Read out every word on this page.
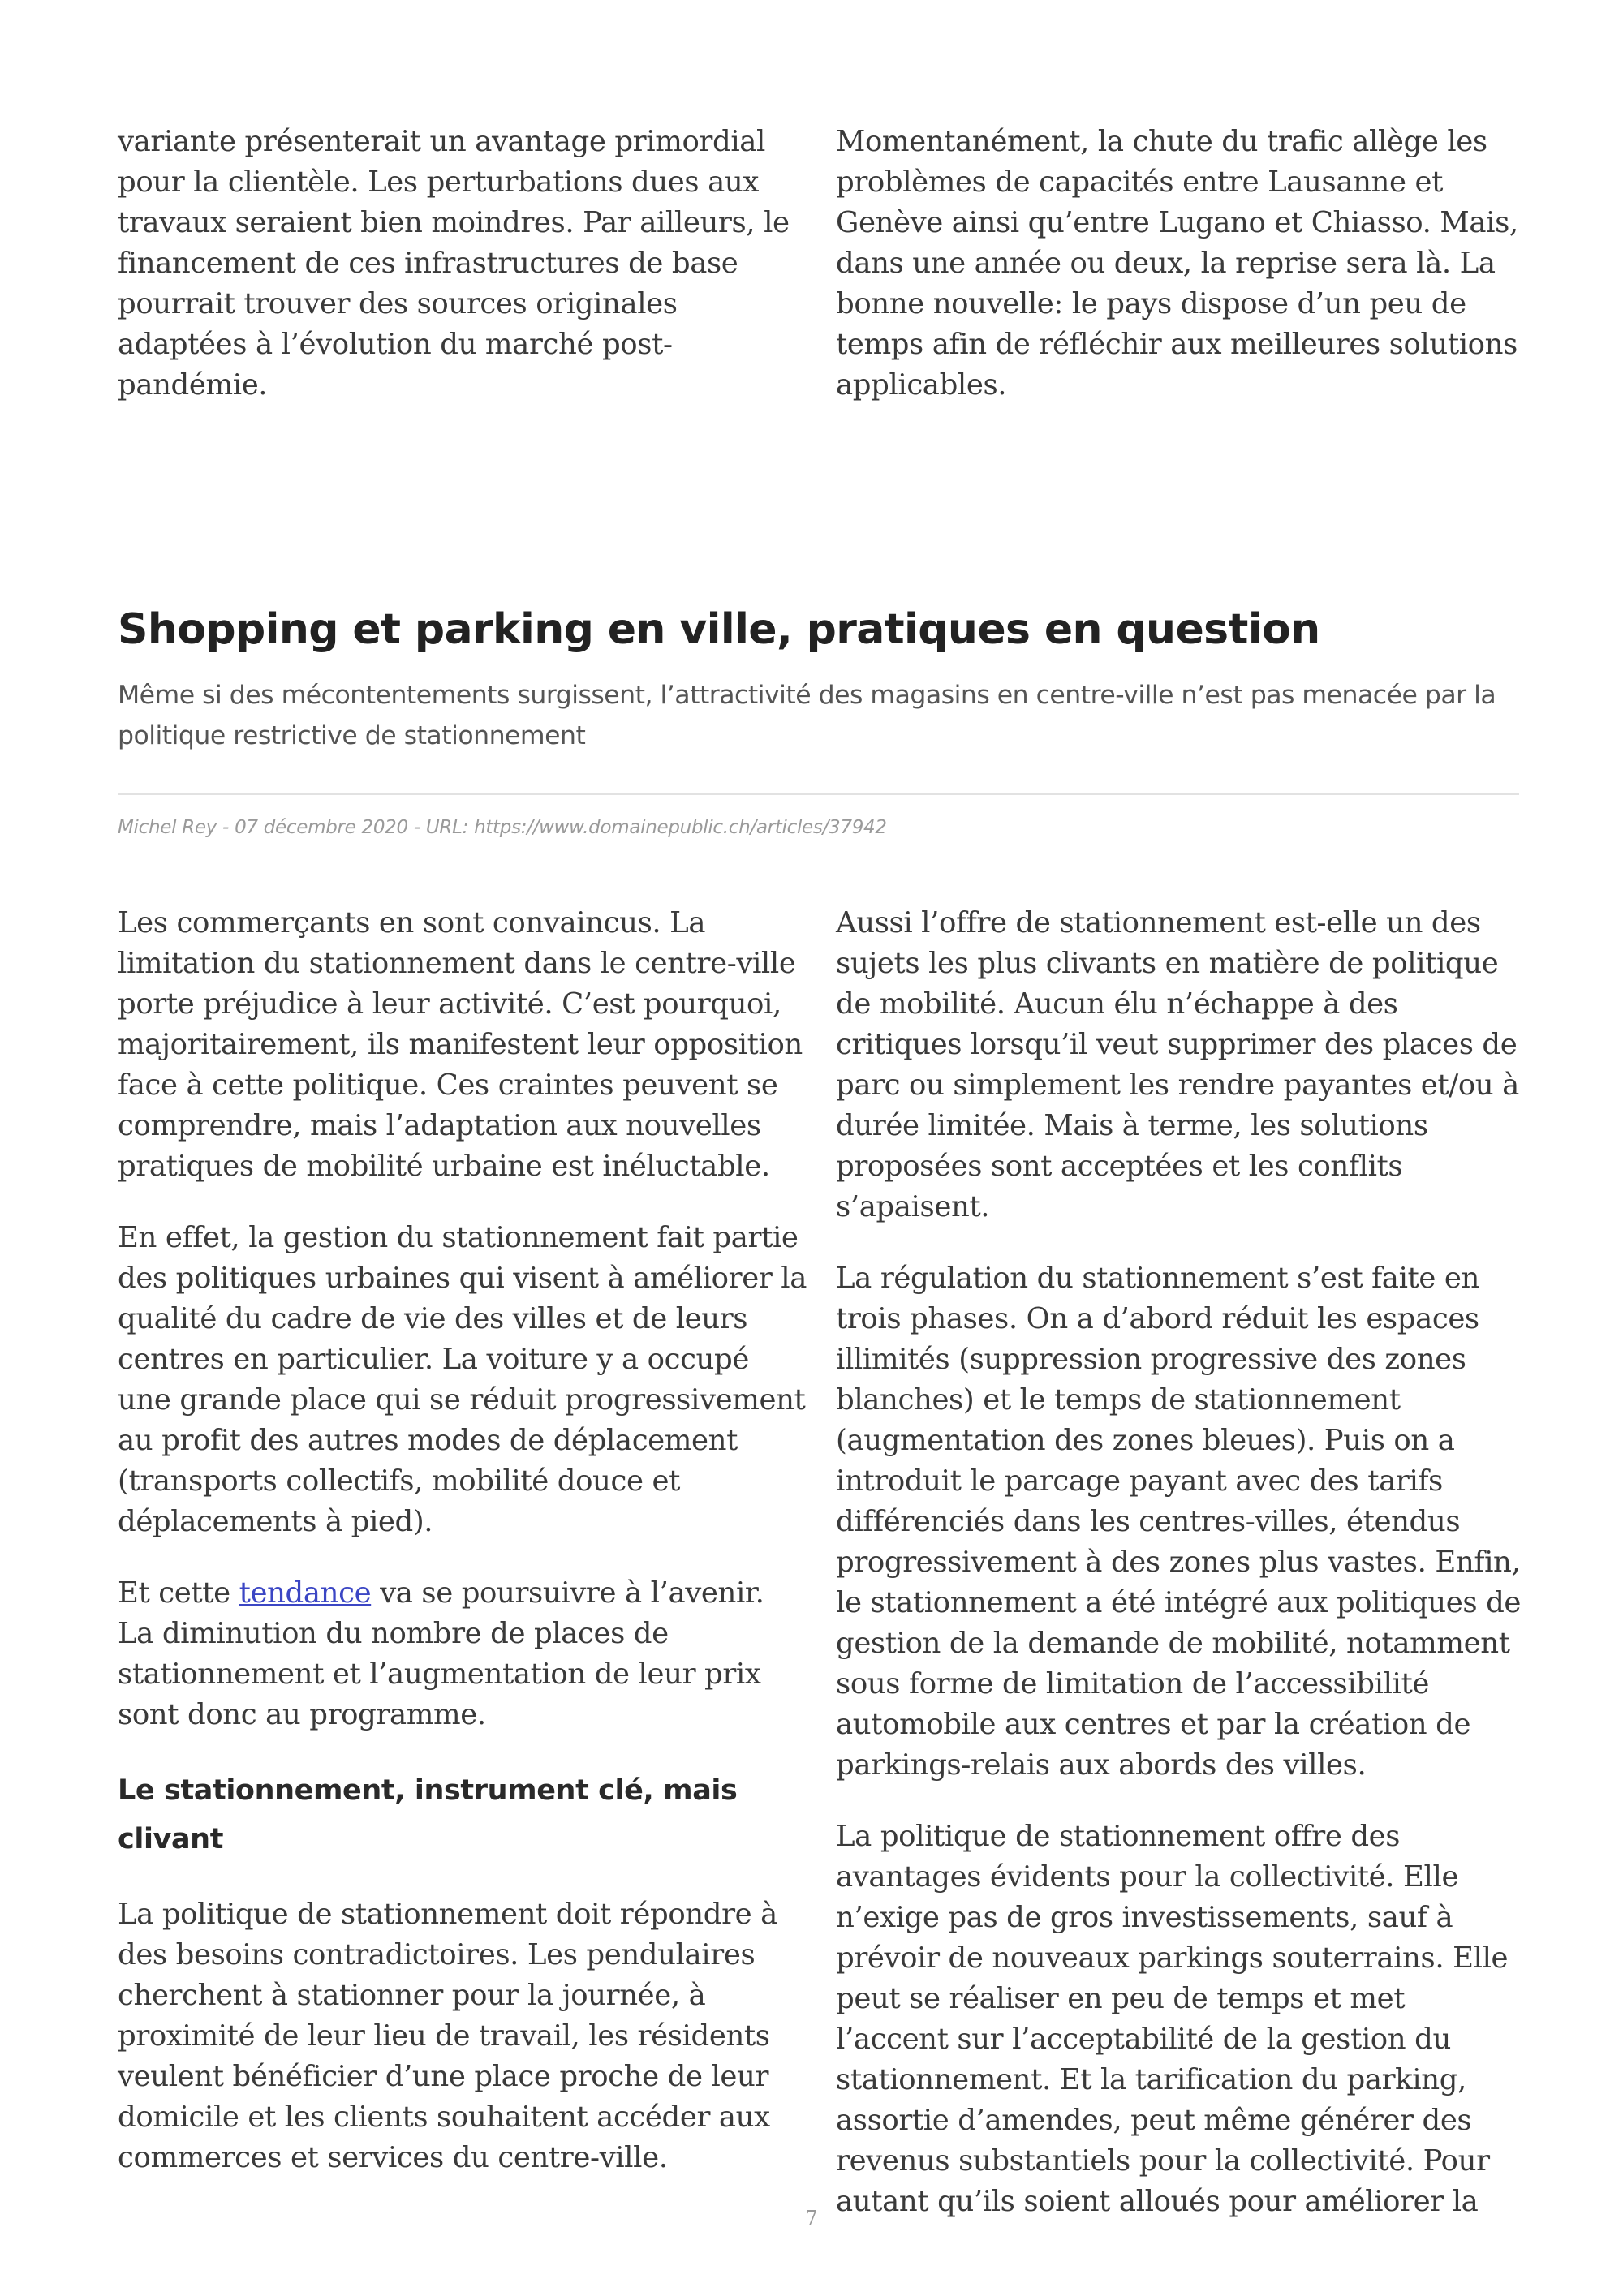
variante présenterait un avantage primordial pour la clientèle. Les perturbations dues aux travaux seraient bien moindres. Par ailleurs, le financement de ces infrastructures de base pourrait trouver des sources originales adaptées à l’évolution du marché post-pandémie.

Momentanément, la chute du trafic allège les problèmes de capacités entre Lausanne et Genève ainsi qu’entre Lugano et Chiasso. Mais, dans une année ou deux, la reprise sera là. La bonne nouvelle: le pays dispose d’un peu de temps afin de réfléchir aux meilleures solutions applicables.

Shopping et parking en ville, pratiques en question

Même si des mécontentements surgissent, l’attractivité des magasins en centre-ville n’est pas menacée par la politique restrictive de stationnement

Michel Rey - 07 décembre 2020 - URL: https://www.domainepublic.ch/articles/37942

Les commerçants en sont convaincus. La limitation du stationnement dans le centre-ville porte préjudice à leur activité. C’est pourquoi, majoritairement, ils manifestent leur opposition face à cette politique. Ces craintes peuvent se comprendre, mais l’adaptation aux nouvelles pratiques de mobilité urbaine est inéluctable.

En effet, la gestion du stationnement fait partie des politiques urbaines qui visent à améliorer la qualité du cadre de vie des villes et de leurs centres en particulier. La voiture y a occupé une grande place qui se réduit progressivement au profit des autres modes de déplacement (transports collectifs, mobilité douce et déplacements à pied).

Et cette tendance va se poursuivre à l’avenir. La diminution du nombre de places de stationnement et l’augmentation de leur prix sont donc au programme.

Le stationnement, instrument clé, mais clivant

La politique de stationnement doit répondre à des besoins contradictoires. Les pendulaires cherchent à stationner pour la journée, à proximité de leur lieu de travail, les résidents veulent bénéficier d’une place proche de leur domicile et les clients souhaitent accéder aux commerces et services du centre-ville.

Aussi l’offre de stationnement est-elle un des sujets les plus clivants en matière de politique de mobilité. Aucun élu n’échappe à des critiques lorsqu’il veut supprimer des places de parc ou simplement les rendre payantes et/ou à durée limitée. Mais à terme, les solutions proposées sont acceptées et les conflits s’apaisent.

La régulation du stationnement s’est faite en trois phases. On a d’abord réduit les espaces illimités (suppression progressive des zones blanches) et le temps de stationnement (augmentation des zones bleues). Puis on a introduit le parcage payant avec des tarifs différenciés dans les centres-villes, étendus progressivement à des zones plus vastes. Enfin, le stationnement a été intégré aux politiques de gestion de la demande de mobilité, notamment sous forme de limitation de l’accessibilité automobile aux centres et par la création de parkings-relais aux abords des villes.

La politique de stationnement offre des avantages évidents pour la collectivité. Elle n’exige pas de gros investissements, sauf à prévoir de nouveaux parkings souterrains. Elle peut se réaliser en peu de temps et met l’accent sur l’acceptabilité de la gestion du stationnement. Et la tarification du parking, assortie d’amendes, peut même générer des revenus substantiels pour la collectivité. Pour autant qu’ils soient alloués pour améliorer la

7
